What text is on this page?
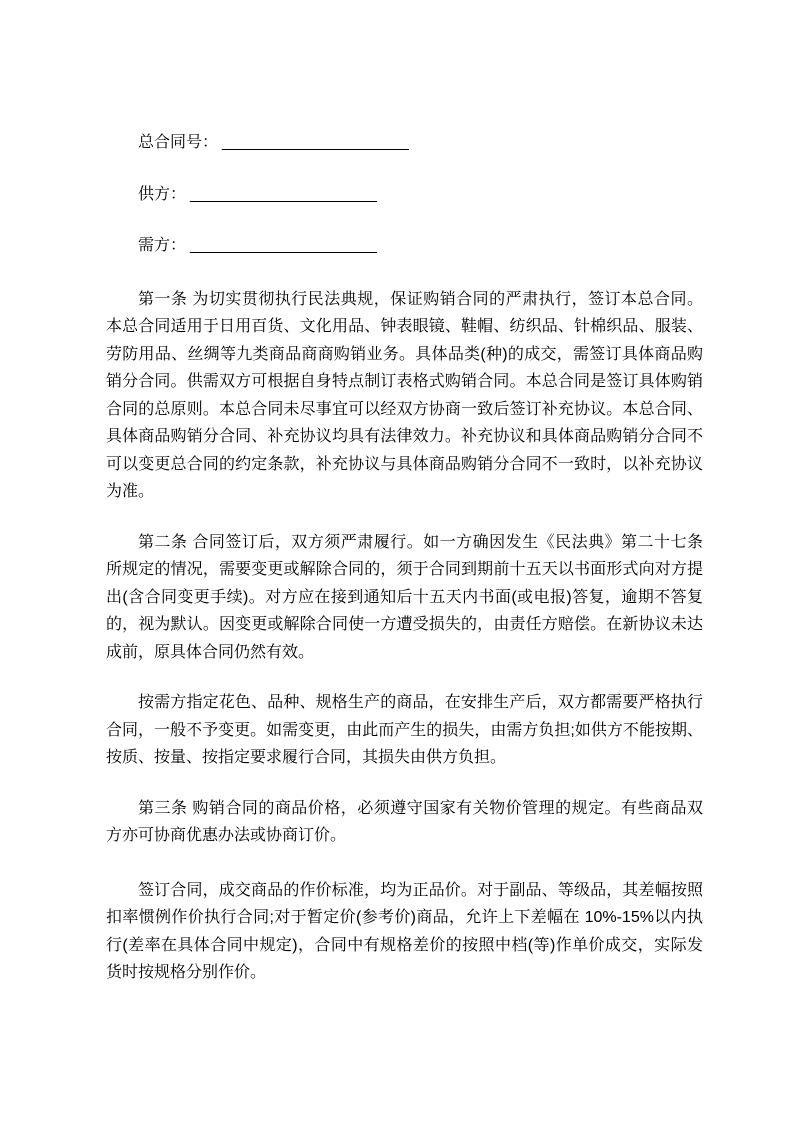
总合同号： _____________________

供方： _____________________

需方： _____________________

第一条 为切实贯彻执行民法典规，保证购销合同的严肃执行，签订本总合同。
本总合同适用于日用百货、文化用品、钟表眼镜、鞋帽、纺织品、针棉织品、服装、
劳防用品、丝绸等九类商品商商购销业务。具体品类(种)的成交，需签订具体商品购
销分合同。供需双方可根据自身特点制订表格式购销合同。本总合同是签订具体购销
合同的总原则。本总合同未尽事宜可以经双方协商一致后签订补充协议。本总合同、
具体商品购销分合同、补充协议均具有法律效力。补充协议和具体商品购销分合同不
可以变更总合同的约定条款，补充协议与具体商品购销分合同不一致时，以补充协议
为准。
第二条 合同签订后，双方须严肃履行。如一方确因发生《民法典》第二十七条
所规定的情况，需要变更或解除合同的，须于合同到期前十五天以书面形式向对方提
出(含合同变更手续)。对方应在接到通知后十五天内书面(或电报)答复，逾期不答复
的，视为默认。因变更或解除合同使一方遭受损失的，由责任方赔偿。在新协议未达
成前，原具体合同仍然有效。
按需方指定花色、品种、规格生产的商品，在安排生产后，双方都需要严格执行
合同，一般不予变更。如需变更，由此而产生的损失，由需方负担;如供方不能按期、
按质、按量、按指定要求履行合同，其损失由供方负担。
第三条 购销合同的商品价格，必须遵守国家有关物价管理的规定。有些商品双
方亦可协商优惠办法或协商订价。
签订合同，成交商品的作价标准，均为正品价。对于副品、等级品，其差幅按照
扣率惯例作价执行合同;对于暂定价(参考价)商品，允许上下差幅在 10%-15%以内执
行(差率在具体合同中规定)，合同中有规格差价的按照中档(等)作单价成交，实际发
货时按规格分别作价。
